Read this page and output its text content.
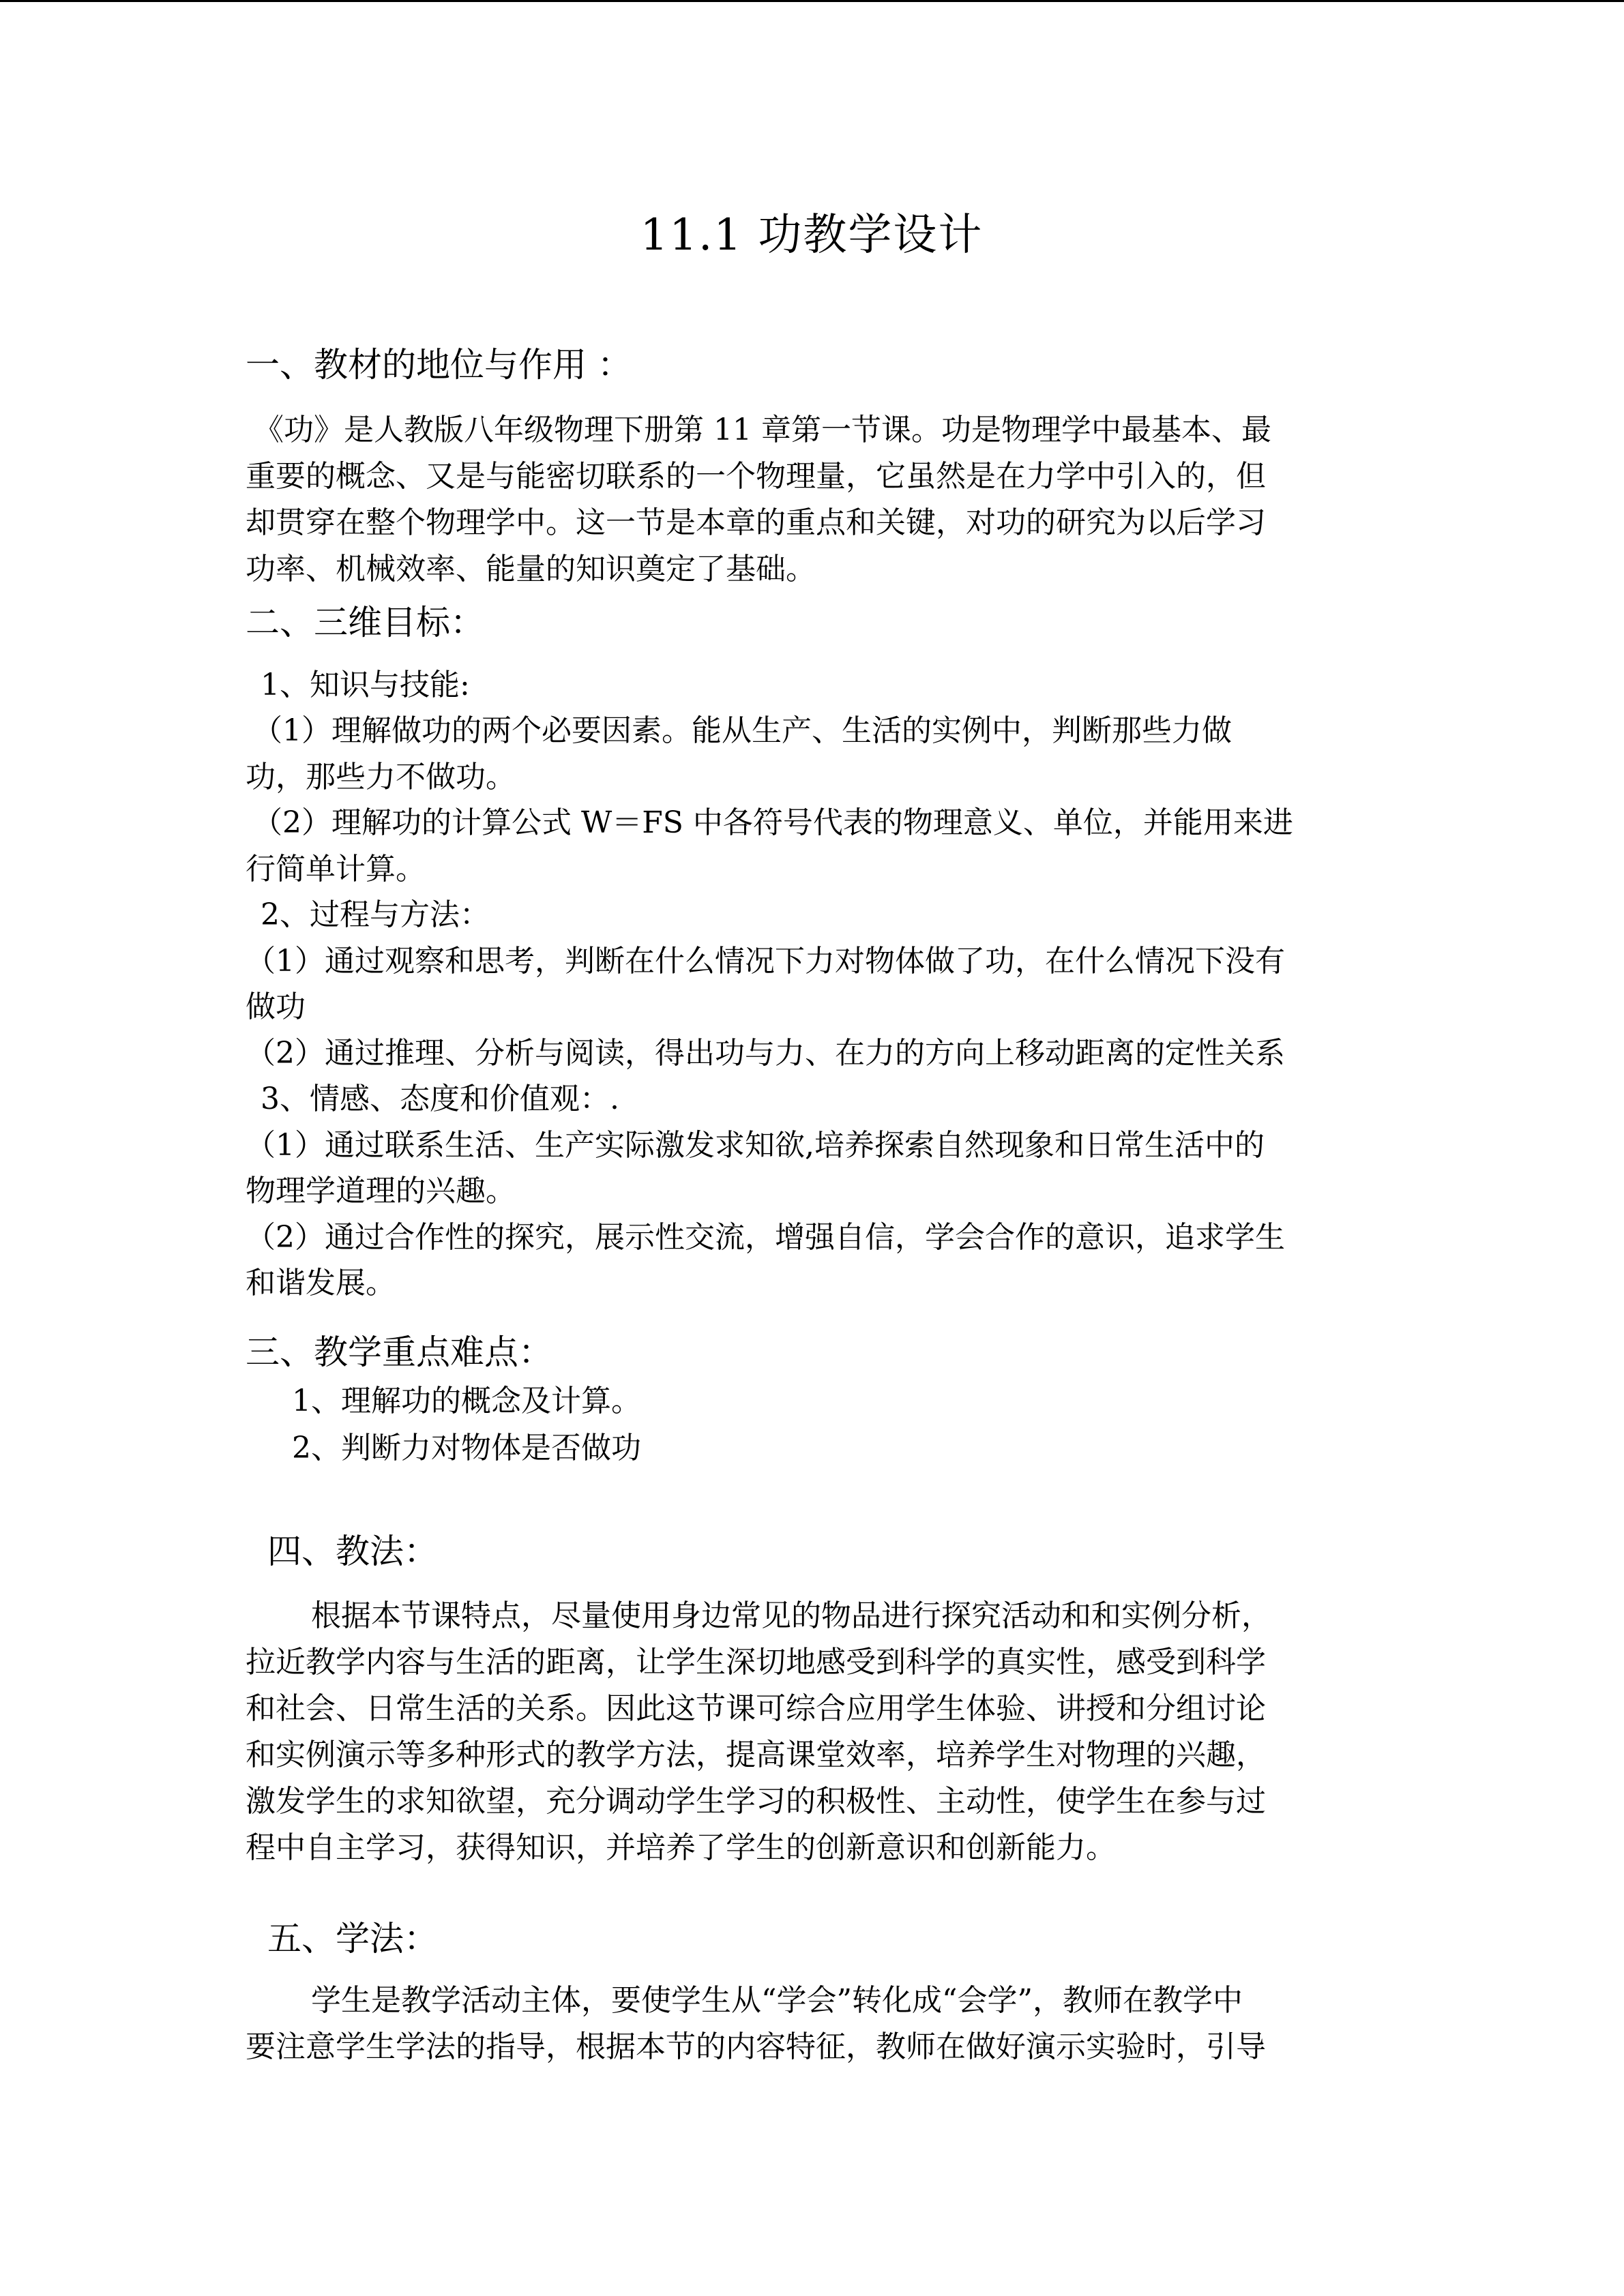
11.1 功教学设计
一、教材的地位与作用 ：
《功》是人教版八年级物理下册第 11 章第一节课。功是物理学中最基本、最
重要的概念、又是与能密切联系的一个物理量，它虽然是在力学中引入的，但
却贯穿在整个物理学中。这一节是本章的重点和关键，对功的研究为以后学习
功率、机械效率、能量的知识奠定了基础。
二、三维目标：
1、知识与技能:
（1）理解做功的两个必要因素。能从生产、生活的实例中，判断那些力做
功，那些力不做功。
（2）理解功的计算公式 W＝FS 中各符号代表的物理意义、单位，并能用来进
行简单计算。
2、过程与方法：
（1）通过观察和思考，判断在什么情况下力对物体做了功，在什么情况下没有
做功
（2）通过推理、分析与阅读，得出功与力、在力的方向上移动距离的定性关系
3、情感、态度和价值观：.
（1）通过联系生活、生产实际激发求知欲,培养探索自然现象和日常生活中的
物理学道理的兴趣。
（2）通过合作性的探究，展示性交流，增强自信，学会合作的意识，追求学生
和谐发展。
三、教学重点难点：
1、理解功的概念及计算。
2、判断力对物体是否做功
四、教法：
根据本节课特点，尽量使用身边常见的物品进行探究活动和和实例分析，
拉近教学内容与生活的距离，让学生深切地感受到科学的真实性，感受到科学
和社会、日常生活的关系。因此这节课可综合应用学生体验、讲授和分组讨论
和实例演示等多种形式的教学方法，提高课堂效率，培养学生对物理的兴趣，
激发学生的求知欲望，充分调动学生学习的积极性、主动性，使学生在参与过
程中自主学习，获得知识，并培养了学生的创新意识和创新能力。
五、学法：
学生是教学活动主体，要使学生从“学会”转化成“会学”，教师在教学中
要注意学生学法的指导，根据本节的内容特征，教师在做好演示实验时，引导
